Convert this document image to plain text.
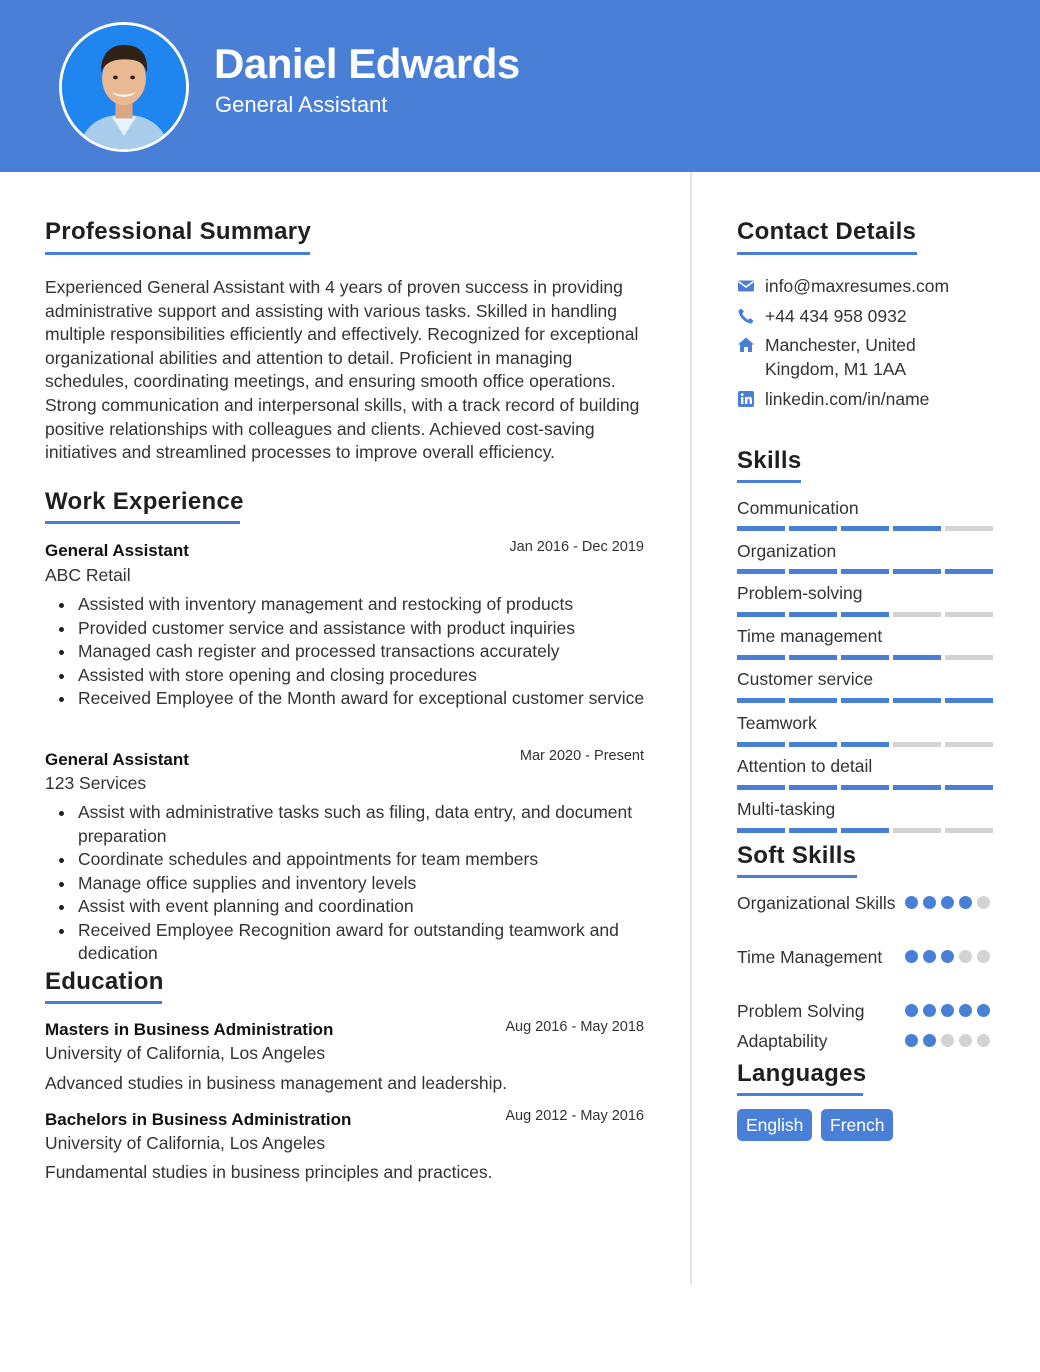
Daniel Edwards
General Assistant
Professional Summary
Experienced General Assistant with 4 years of proven success in providing administrative support and assisting with various tasks. Skilled in handling multiple responsibilities efficiently and effectively. Recognized for exceptional organizational abilities and attention to detail. Proficient in managing schedules, coordinating meetings, and ensuring smooth office operations. Strong communication and interpersonal skills, with a track record of building positive relationships with colleagues and clients. Achieved cost-saving initiatives and streamlined processes to improve overall efficiency.
Work Experience
General Assistant	Jan 2016 - Dec 2019
ABC Retail
Assisted with inventory management and restocking of products
Provided customer service and assistance with product inquiries
Managed cash register and processed transactions accurately
Assisted with store opening and closing procedures
Received Employee of the Month award for exceptional customer service
General Assistant	Mar 2020 - Present
123 Services
Assist with administrative tasks such as filing, data entry, and document preparation
Coordinate schedules and appointments for team members
Manage office supplies and inventory levels
Assist with event planning and coordination
Received Employee Recognition award for outstanding teamwork and dedication
Education
Masters in Business Administration	Aug 2016 - May 2018
University of California, Los Angeles
Advanced studies in business management and leadership.
Bachelors in Business Administration	Aug 2012 - May 2016
University of California, Los Angeles
Fundamental studies in business principles and practices.
Contact Details
info@maxresumes.com
+44 434 958 0932
Manchester, United Kingdom, M1 1AA
linkedin.com/in/name
Skills
Communication
Organization
Problem-solving
Time management
Customer service
Teamwork
Attention to detail
Multi-tasking
Soft Skills
Organizational Skills
Time Management
Problem Solving
Adaptability
Languages
English	French
